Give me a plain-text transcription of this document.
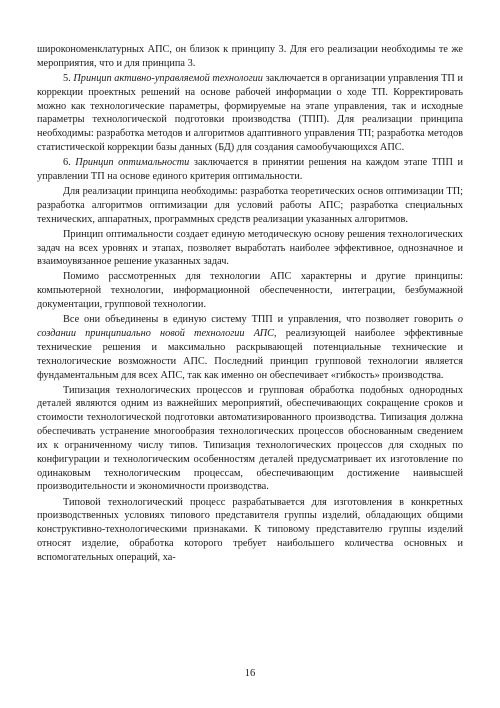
широкономенклатурных АПС, он близок к принципу 3. Для его реализации необходимы те же мероприятия, что и для принципа 3.

5. Принцип активно-управляемой технологии заключается в организации управления ТП и коррекции проектных решений на основе рабочей информации о ходе ТП. Корректировать можно как технологические параметры, формируемые на этапе управления, так и исходные параметры технологической подготовки производства (ТПП). Для реализации принципа необходимы: разработка методов и алгоритмов адаптивного управления ТП; разработка методов статистической коррекции базы данных (БД) для создания самообучающихся АПС.

6. Принцип оптимальности заключается в принятии решения на каждом этапе ТПП и управлении ТП на основе единого критерия оптимальности.

Для реализации принципа необходимы: разработка теоретических основ оптимизации ТП; разработка алгоритмов оптимизации для условий работы АПС; разработка специальных технических, аппаратных, программных средств реализации указанных алгоритмов.

Принцип оптимальности создает единую методическую основу решения технологических задач на всех уровнях и этапах, позволяет выработать наиболее эффективное, однозначное и взаимоувязанное решение указанных задач.

Помимо рассмотренных для технологии АПС характерны и другие принципы: компьютерной технологии, информационной обеспеченности, интеграции, безбумажной документации, групповой технологии.

Все они объединены в единую систему ТПП и управления, что позволяет говорить о создании принципиально новой технологии АПС, реализующей наиболее эффективные технические решения и максимально раскрывающей потенциальные технические и технологические возможности АПС. Последний принцип групповой технологии является фундаментальным для всех АПС, так как именно он обеспечивает «гибкость» производства.

Типизация технологических процессов и групповая обработка подобных однородных деталей являются одним из важнейших мероприятий, обеспечивающих сокращение сроков и стоимости технологической подготовки автоматизированного производства. Типизация должна обеспечивать устранение многообразия технологических процессов обоснованным сведением их к ограниченному числу типов. Типизация технологических процессов для сходных по конфигурации и технологическим особенностям деталей предусматривает их изготовление по одинаковым технологическим процессам, обеспечивающим достижение наивысшей производительности и экономичности производства.

Типовой технологический процесс разрабатывается для изготовления в конкретных производственных условиях типового представителя группы изделий, обладающих общими конструктивно-технологическими признаками. К типовому представителю группы изделий относят изделие, обработка которого требует наибольшего количества основных и вспомогательных операций, ха-

16
